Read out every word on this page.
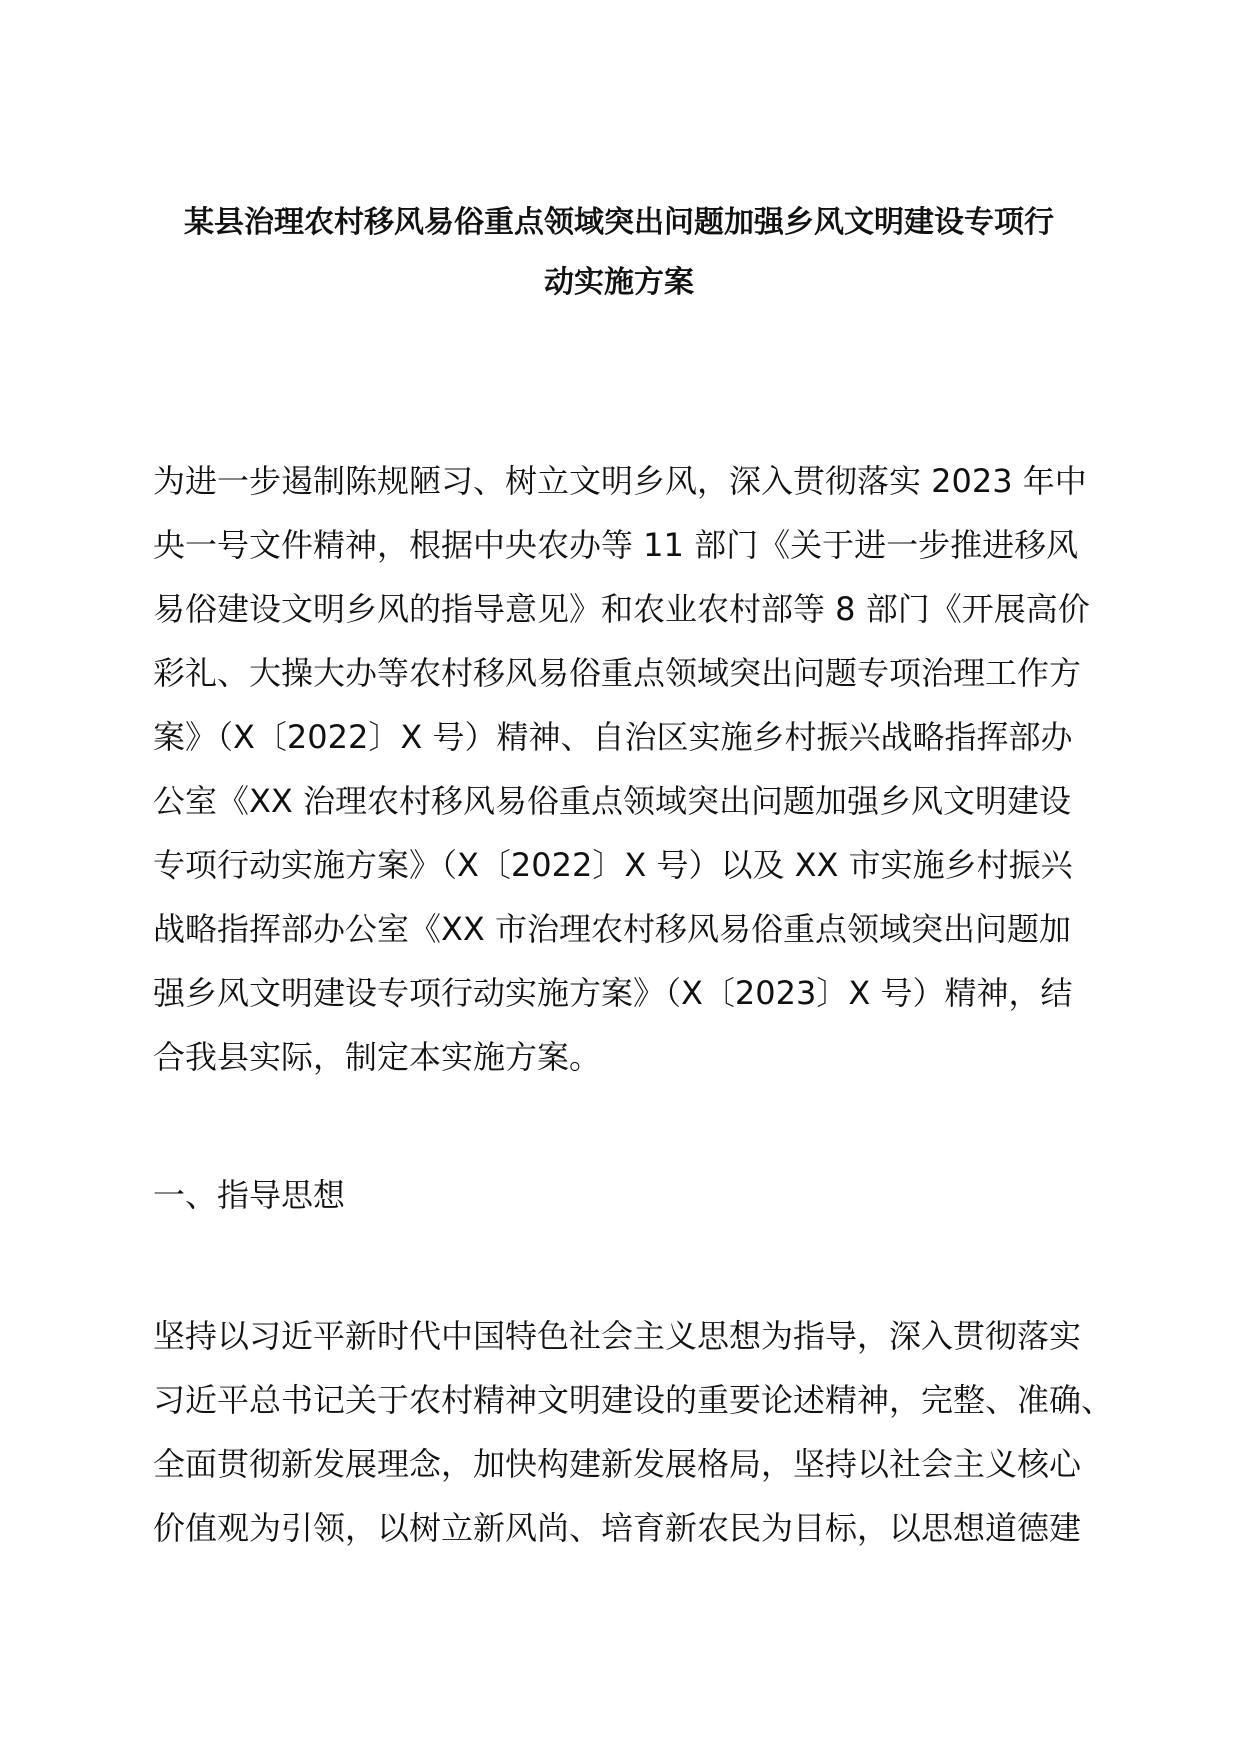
某县治理农村移风易俗重点领域突出问题加强乡风文明建设专项行
动实施方案
为进一步遏制陈规陋习、树立文明乡风，深入贯彻落实 2023 年中
央一号文件精神，根据中央农办等 11 部门《关于进一步推进移风
易俗建设文明乡风的指导意见》和农业农村部等 8 部门《开展高价
彩礼、大操大办等农村移风易俗重点领域突出问题专项治理工作方
案》（X〔2022〕X 号）精神、自治区实施乡村振兴战略指挥部办
公室《XX 治理农村移风易俗重点领域突出问题加强乡风文明建设
专项行动实施方案》（X〔2022〕X 号）以及 XX 市实施乡村振兴
战略指挥部办公室《XX 市治理农村移风易俗重点领域突出问题加
强乡风文明建设专项行动实施方案》（X〔2023〕X 号）精神，结
合我县实际，制定本实施方案。
一、指导思想
坚持以习近平新时代中国特色社会主义思想为指导，深入贯彻落实
习近平总书记关于农村精神文明建设的重要论述精神，完整、准确、
全面贯彻新发展理念，加快构建新发展格局，坚持以社会主义核心
价值观为引领，以树立新风尚、培育新农民为目标，以思想道德建
